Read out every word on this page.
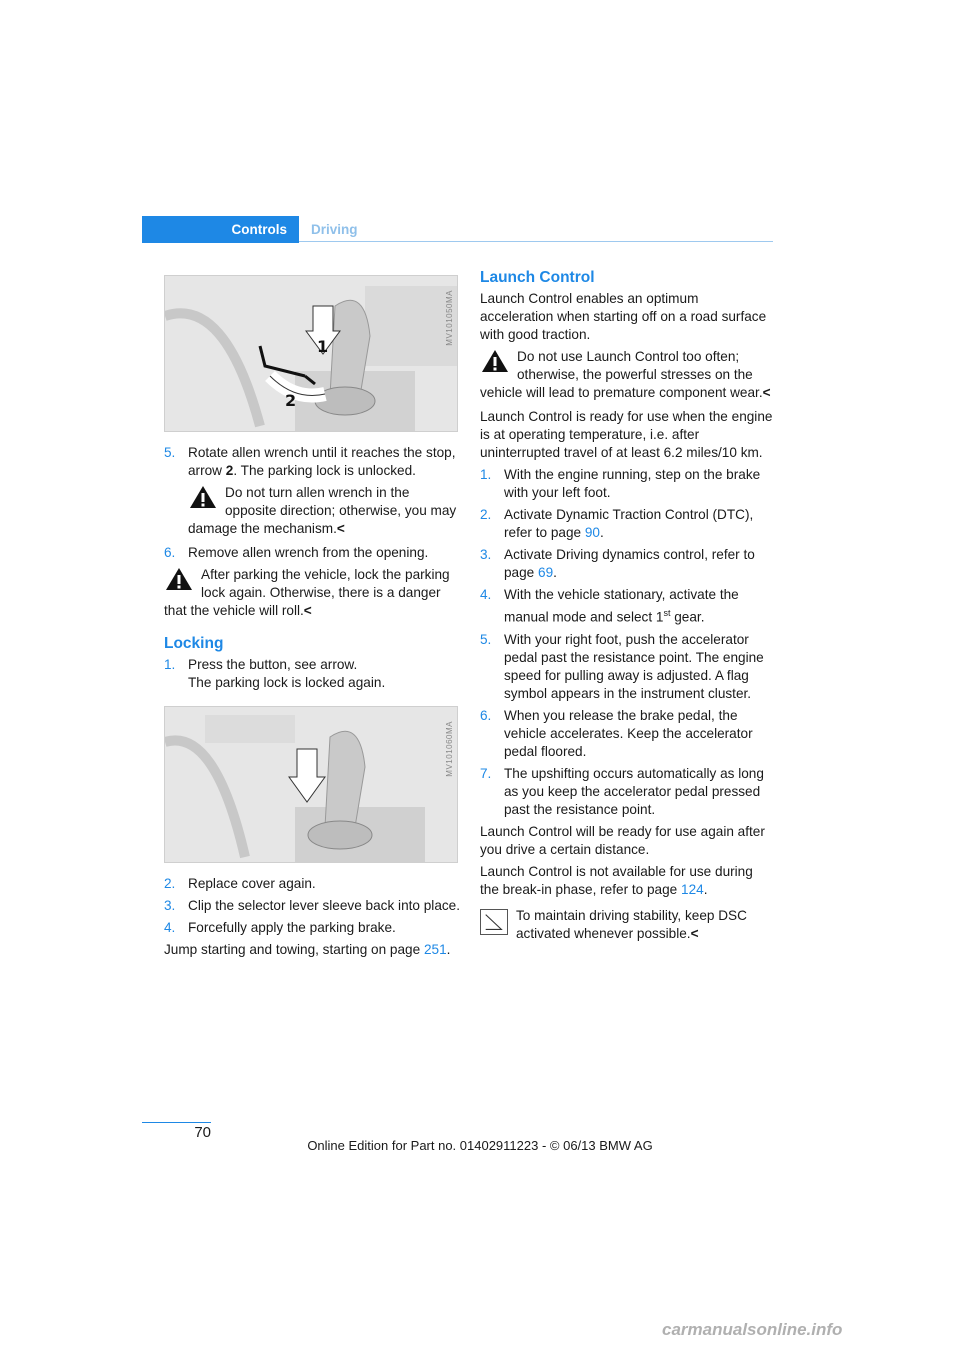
Controls	Driving
1
2
MV101050MA
5. Rotate allen wrench until it reaches the stop, arrow 2. The parking lock is unlocked.
Do not turn allen wrench in the opposite direction; otherwise, you may damage the mechanism.<
6. Remove allen wrench from the opening.
After parking the vehicle, lock the parking lock again. Otherwise, there is a danger that the vehicle will roll.<
Locking
1. Press the button, see arrow.
The parking lock is locked again.
MV101060MA
2. Replace cover again.
3. Clip the selector lever sleeve back into place.
4. Forcefully apply the parking brake.

Jump starting and towing, starting on page 251.

Launch Control

Launch Control enables an optimum acceleration when starting off on a road surface with good traction.

Do not use Launch Control too often; otherwise, the powerful stresses on the vehicle will lead to premature component wear.<

Launch Control is ready for use when the engine is at operating temperature, i.e. after uninterrupted travel of at least 6.2 miles/10 km.

1. With the engine running, step on the brake with your left foot.
2. Activate Dynamic Traction Control (DTC), refer to page 90.
3. Activate Driving dynamics control, refer to page 69.
4. With the vehicle stationary, activate the manual mode and select 1st gear.
5. With your right foot, push the accelerator pedal past the resistance point. The engine speed for pulling away is adjusted. A flag symbol appears in the instrument cluster.
6. When you release the brake pedal, the vehicle accelerates. Keep the accelerator pedal floored.
7. The upshifting occurs automatically as long as you keep the accelerator pedal pressed past the resistance point.

Launch Control will be ready for use again after you drive a certain distance.

Launch Control is not available for use during the break-in phase, refer to page 124.

To maintain driving stability, keep DSC activated whenever possible.<
70
Online Edition for Part no. 01402911223 - © 06/13 BMW AG
carmanualsonline.info
